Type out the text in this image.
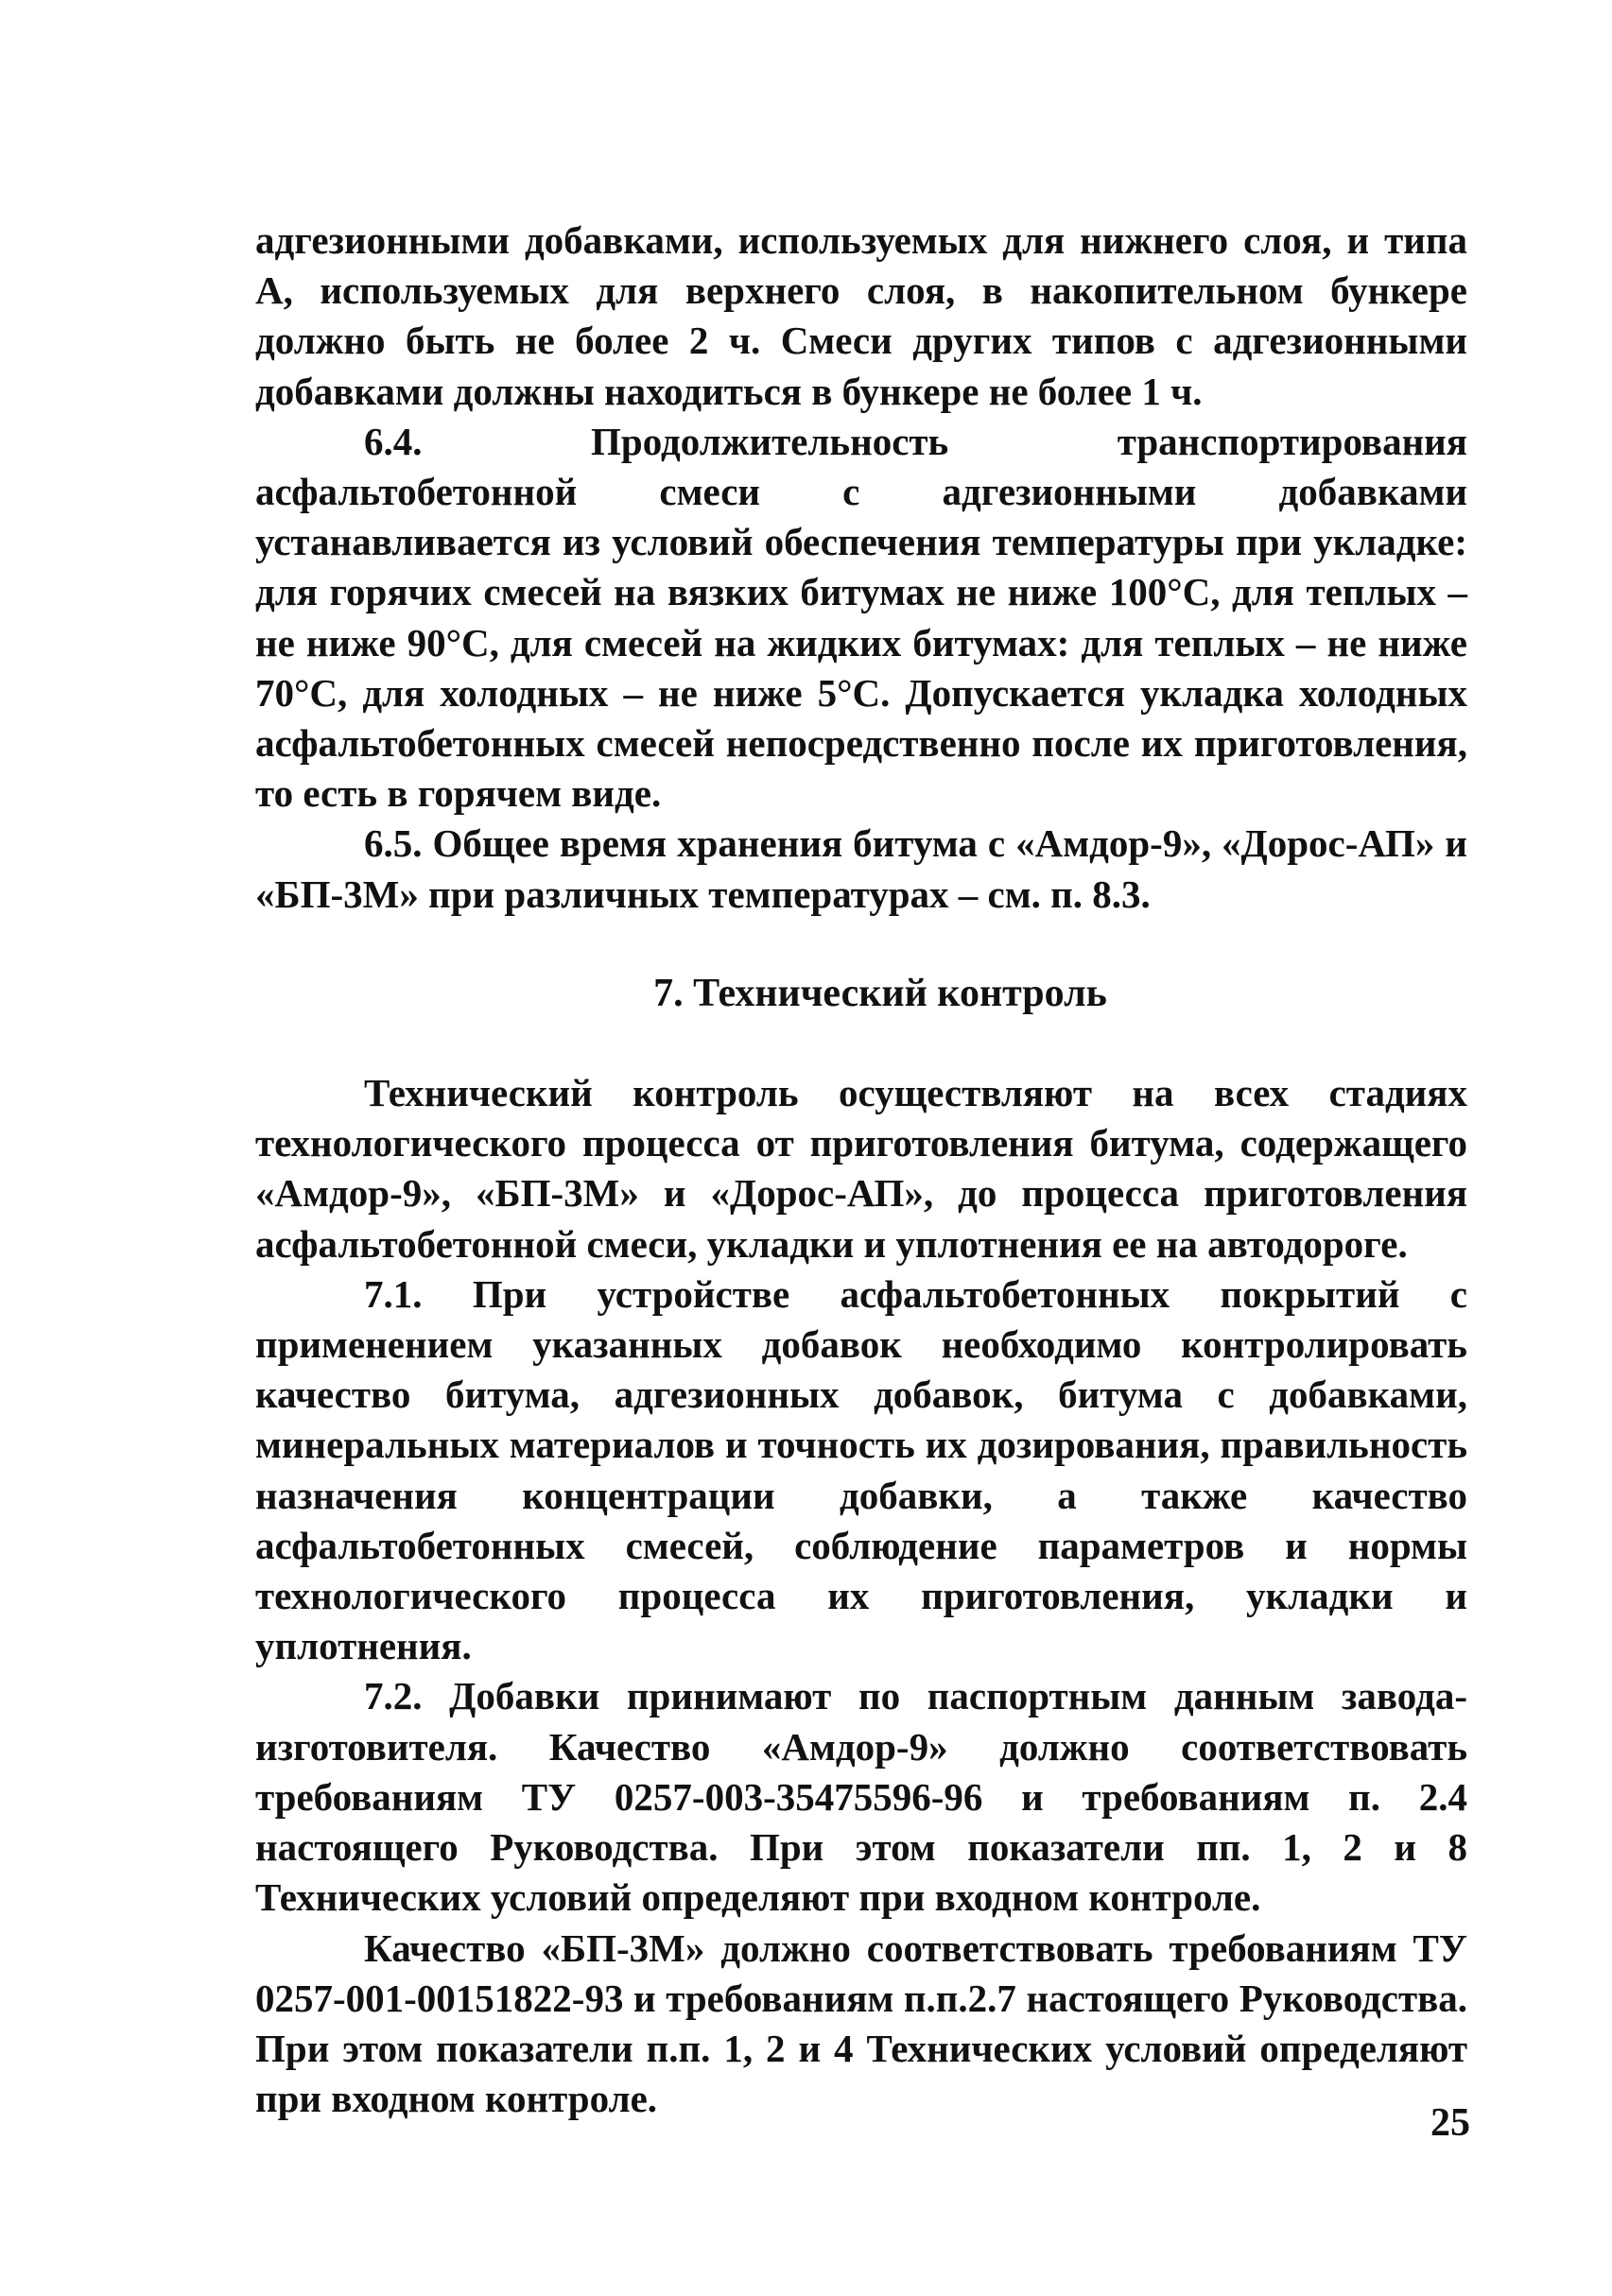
адгезионными добавками, используемых для нижнего слоя, и типа А, используемых для верхнего слоя, в накопительном бункере должно быть не более 2 ч. Смеси других типов с адгезионными добавками должны находиться в бункере не более 1 ч.

6.4. Продолжительность транспортирования асфальтобетонной смеси с адгезионными добавками устанавливается из условий обеспечения температуры при укладке: для горячих смесей на вязких битумах не ниже 100°С, для теплых – не ниже 90°С, для смесей на жидких битумах: для теплых – не ниже 70°С, для холодных – не ниже 5°С. Допускается укладка холодных асфальтобетонных смесей непосредственно после их приготовления, то есть в горячем виде.

6.5. Общее время хранения битума с «Амдор-9», «Дорос-АП» и «БП-3М» при различных температурах – см. п. 8.3.

7. Технический контроль

Технический контроль осуществляют на всех стадиях технологического процесса от приготовления битума, содержащего «Амдор-9», «БП-3М» и «Дорос-АП», до процесса приготовления асфальтобетонной смеси, укладки и уплотнения ее на автодороге.

7.1. При устройстве асфальтобетонных покрытий с применением указанных добавок необходимо контролировать качество битума, адгезионных добавок, битума с добавками, минеральных материалов и точность их дозирования, правильность назначения концентрации добавки, а также качество асфальтобетонных смесей, соблюдение параметров и нормы технологического процесса их приготовления, укладки и уплотнения.

7.2. Добавки принимают по паспортным данным завода-изготовителя. Качество «Амдор-9» должно соответствовать требованиям ТУ 0257-003-35475596-96 и требованиям п. 2.4 настоящего Руководства. При этом показатели пп. 1, 2 и 8 Технических условий определяют при входном контроле.

Качество «БП-3М» должно соответствовать требованиям ТУ 0257-001-00151822-93 и требованиям п.п.2.7 настоящего Руководства. При этом показатели п.п. 1, 2 и 4 Технических условий определяют при входном контроле.

25
